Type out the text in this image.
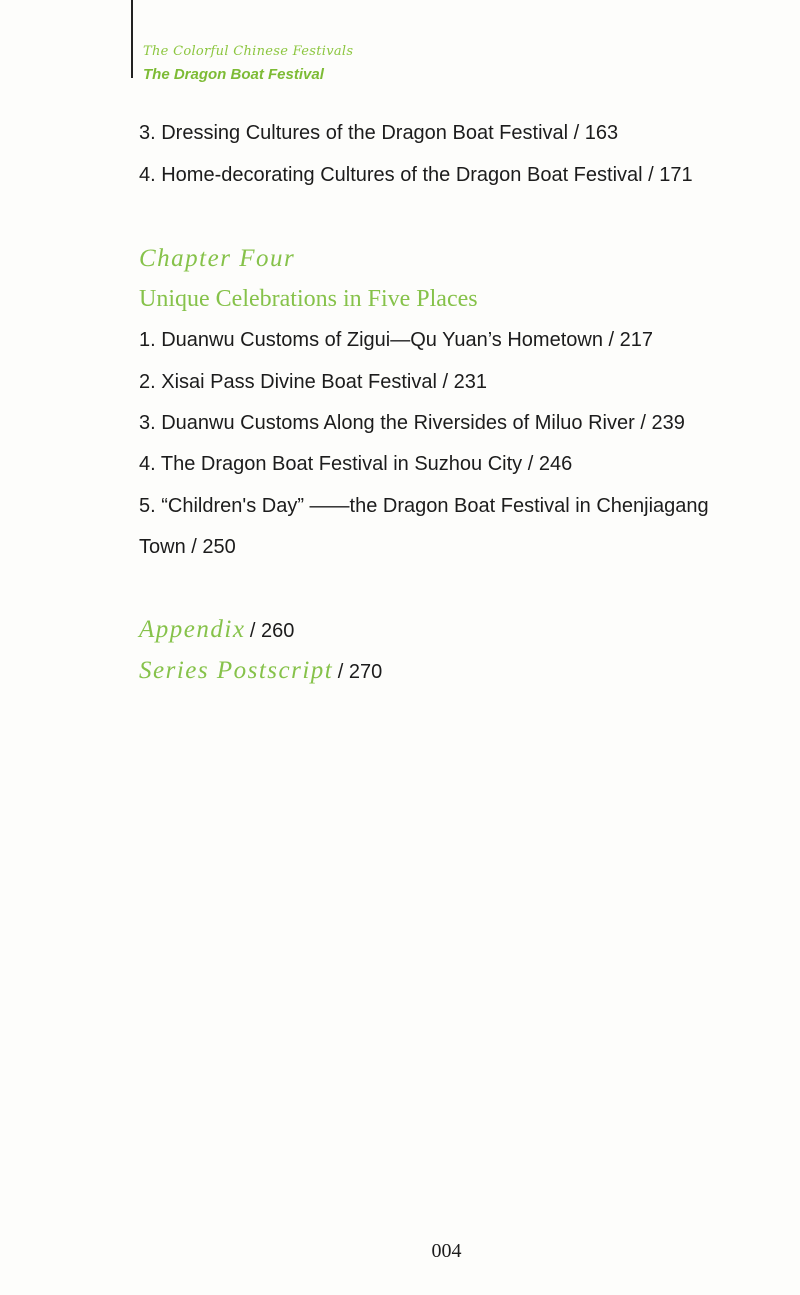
The Colorful Chinese Festivals
The Dragon Boat Festival
3. Dressing Cultures of the Dragon Boat Festival / 163
4. Home-decorating Cultures of the Dragon Boat Festival / 171
Chapter Four
Unique Celebrations in Five Places
1. Duanwu Customs of Zigui—Qu Yuan’s Hometown / 217
2. Xisai Pass Divine Boat Festival / 231
3. Duanwu Customs Along the Riversides of Miluo River / 239
4. The Dragon Boat Festival in Suzhou City / 246
5. “Children's Day” ——the Dragon Boat Festival in Chenjiagang
Town / 250
Appendix / 260
Series Postscript / 270
004
